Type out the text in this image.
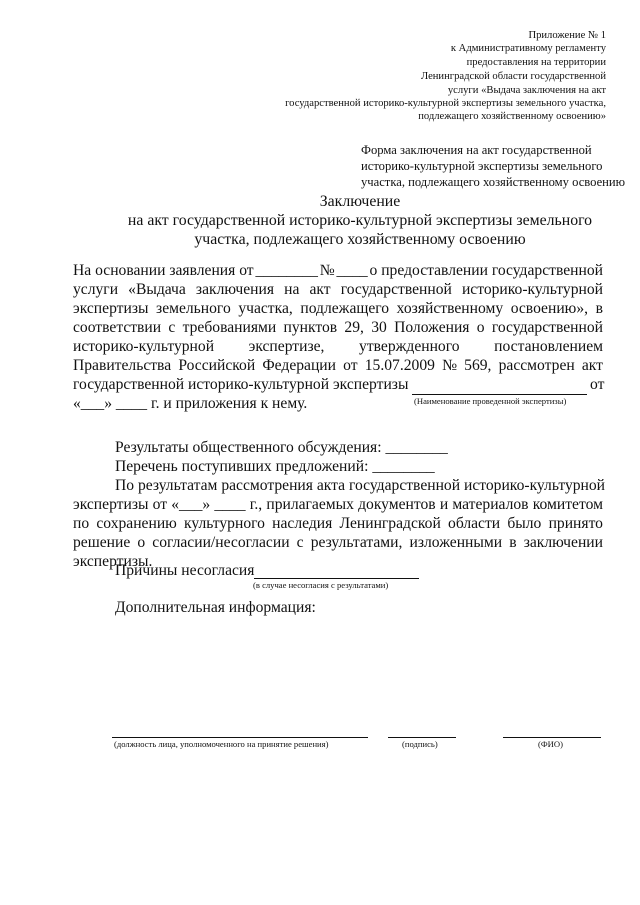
Приложение № 1
к Административному регламенту
предоставления на территории
Ленинградской области государственной
услуги «Выдача заключения на акт
государственной историко-культурной экспертизы земельного участка,
подлежащего хозяйственному освоению»
Форма заключения на акт государственной
историко-культурной экспертизы земельного
участка, подлежащего хозяйственному освоению
Заключение
на акт государственной историко-культурной экспертизы земельного
участка, подлежащего хозяйственному освоению
На основании заявления от ________ № ____ о предоставлении государственной
услуги «Выдача заключения на акт государственной историко-культурной
экспертизы земельного участка, подлежащего хозяйственному освоению», в
соответствии с требованиями пунктов 29, 30 Положения о государственной
историко-культурной экспертизе, утвержденного постановлением
Правительства Российской Федерации от 15.07.2009 № 569, рассмотрен акт
государственной историко-культурной экспертизы	от
(Наименование проведенной экспертизы)
«___» ____ г. и приложения к нему.
Результаты общественного обсуждения: ________
Перечень поступивших предложений: ________
По результатам рассмотрения акта государственной историко-культурной
экспертизы от «___» ____ г., прилагаемых документов и материалов комитетом
по сохранению культурного наследия Ленинградской области было принято
решение о согласии/несогласии с результатами, изложенными в заключении
экспертизы.
Причины несогласия
(в случае несогласия с результатами)
Дополнительная информация:
(должность лица, уполномоченного на принятие решения)	(подпись)	(ФИО)
